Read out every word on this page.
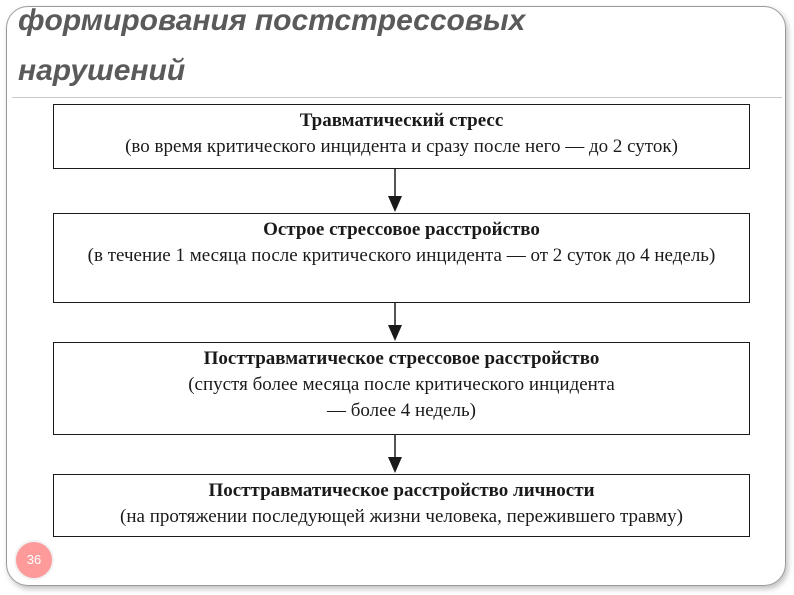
формирования постстрессовых
нарушений
Травматический стресс
(во время критического инцидента и сразу после него — до 2 суток)
Острое стрессовое расстройство
(в течение 1 месяца после критического инцидента — от 2 суток до 4 недель)
Посттравматическое стрессовое расстройство
(спустя более месяца после критического инцидента — более 4 недель)
Посттравматическое расстройство личности
(на протяжении последующей жизни человека, пережившего травму)
36
